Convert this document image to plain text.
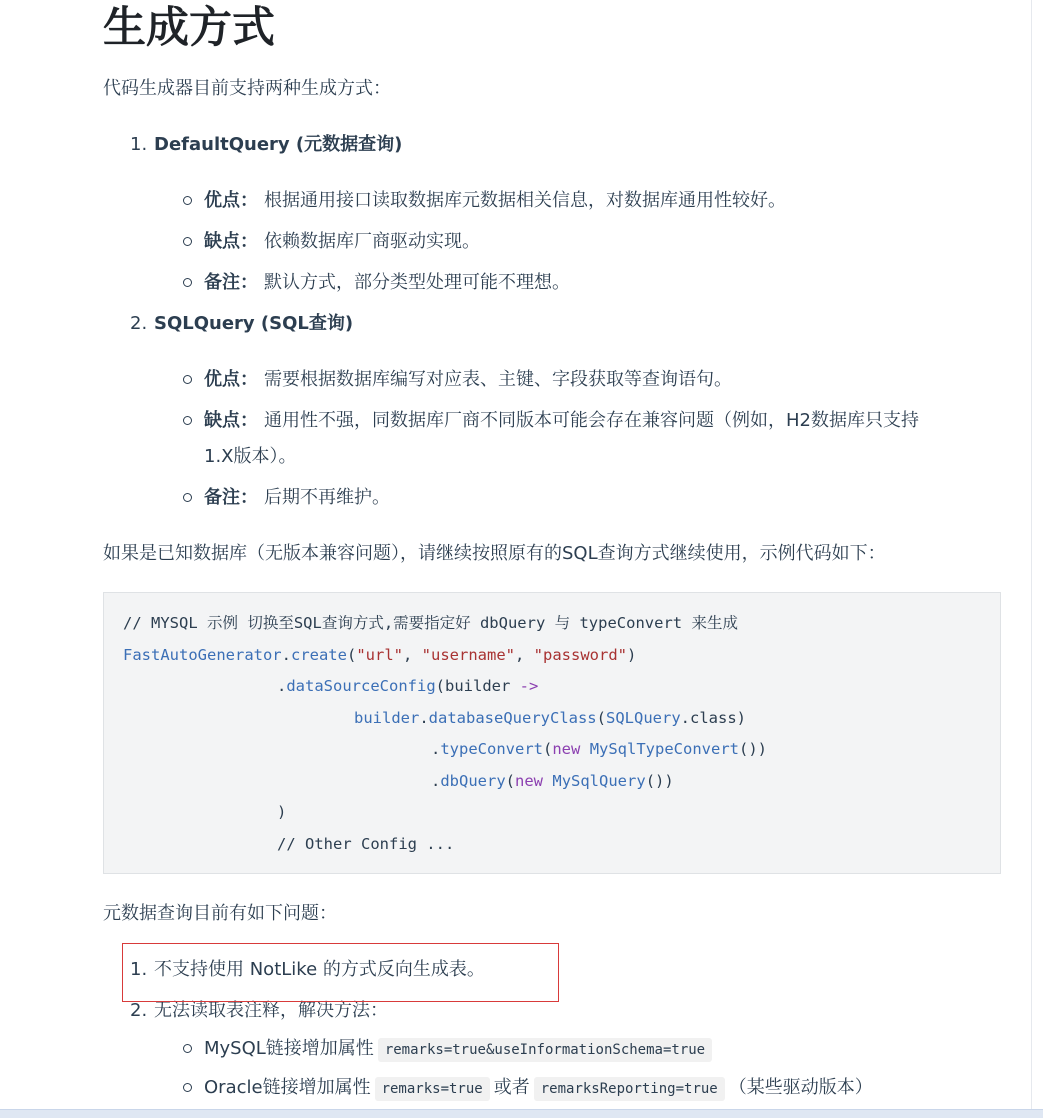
生成方式

代码生成器目前支持两种生成方式：

1. DefaultQuery (元数据查询)
优点： 根据通用接口读取数据库元数据相关信息，对数据库通用性较好。
缺点： 依赖数据库厂商驱动实现。
备注： 默认方式，部分类型处理可能不理想。
2. SQLQuery (SQL查询)
优点： 需要根据数据库编写对应表、主键、字段获取等查询语句。
缺点： 通用性不强，同数据库厂商不同版本可能会存在兼容问题（例如，H2数据库只支持
1.X版本）。
备注： 后期不再维护。

如果是已知数据库（无版本兼容问题），请继续按照原有的SQL查询方式继续使用，示例代码如下：

// MYSQL 示例 切换至SQL查询方式,需要指定好 dbQuery 与 typeConvert 来生成
FastAutoGenerator.create("url", "username", "password")
.dataSourceConfig(builder ->
builder.databaseQueryClass(SQLQuery.class)
.typeConvert(new MySqlTypeConvert())
.dbQuery(new MySqlQuery())
)
// Other Config ...

元数据查询目前有如下问题：

1. 不支持使用 NotLike 的方式反向生成表。
2. 无法读取表注释，解决方法：
MySQL链接增加属性 remarks=true&useInformationSchema=true
Oracle链接增加属性 remarks=true 或者 remarksReporting=true （某些驱动版本）
